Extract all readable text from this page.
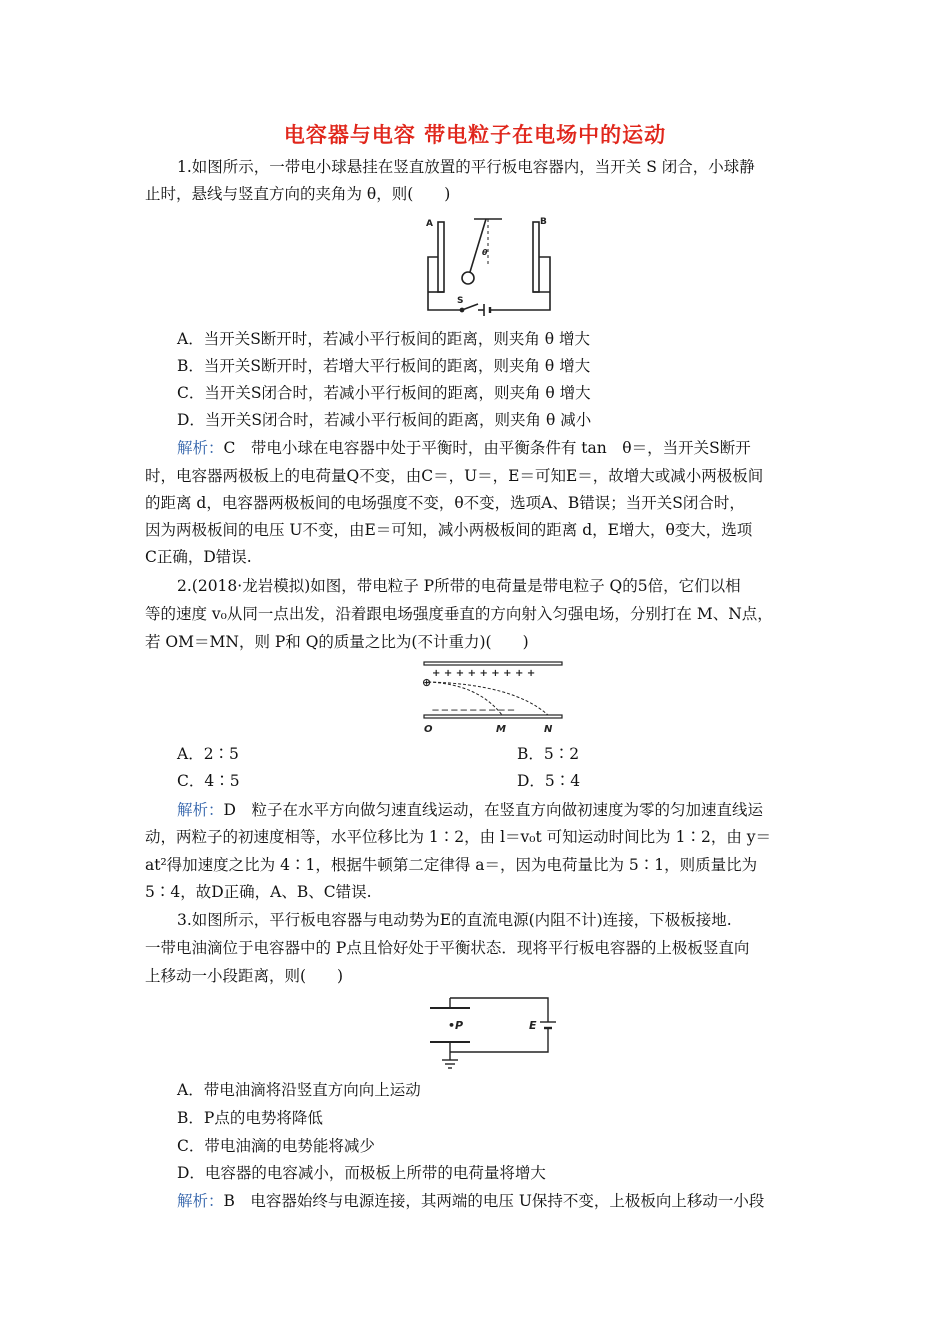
电容器与电容 带电粒子在电场中的运动
1.如图所示，一带电小球悬挂在竖直放置的平行板电容器内，当开关 S 闭合，小球静
止时，悬线与竖直方向的夹角为 θ，则(　　)
A	B
θ
S
A．当开关S断开时，若减小平行板间的距离，则夹角 θ 增大
B．当开关S断开时，若增大平行板间的距离，则夹角 θ 增大
C．当开关S闭合时，若减小平行板间的距离，则夹角 θ 增大
D．当开关S闭合时，若减小平行板间的距离，则夹角 θ 减小
解析：C　带电小球在电容器中处于平衡时，由平衡条件有 tan　θ＝，当开关S断开
时，电容器两极板上的电荷量Q不变，由C＝，U＝，E＝可知E＝，故增大或减小两极板间
的距离 d，电容器两极板间的电场强度不变，θ不变，选项A、B错误；当开关S闭合时，
因为两极板间的电压 U不变，由E＝可知，减小两极板间的距离 d，E增大，θ变大，选项
C正确，D错误.
2.(2018·龙岩模拟)如图，带电粒子 P所带的电荷量是带电粒子 Q的5倍，它们以相
等的速度 v₀从同一点出发，沿着跟电场强度垂直的方向射入匀强电场，分别打在 M、N点，
若 OM＝MN，则 P和 Q的质量之比为(不计重力)(　　)
+ + + + + + + + +
— — — — — — — — —
⊕
O	M	N
A．2∶5	B．5∶2
C．4∶5	D．5∶4
解析：D　粒子在水平方向做匀速直线运动，在竖直方向做初速度为零的匀加速直线运
动，两粒子的初速度相等，水平位移比为 1∶2，由 l＝v₀t 可知运动时间比为 1∶2，由 y＝
at²得加速度之比为 4∶1，根据牛顿第二定律得 a＝，因为电荷量比为 5∶1，则质量比为
5∶4，故D正确，A、B、C错误.
3.如图所示，平行板电容器与电动势为E的直流电源(内阻不计)连接，下极板接地.
一带电油滴位于电容器中的 P点且恰好处于平衡状态．现将平行板电容器的上极板竖直向
上移动一小段距离，则(　　)
•P	E
A．带电油滴将沿竖直方向向上运动
B．P点的电势将降低
C．带电油滴的电势能将减少
D．电容器的电容减小，而极板上所带的电荷量将增大
解析：B　电容器始终与电源连接，其两端的电压 U保持不变，上极板向上移动一小段
